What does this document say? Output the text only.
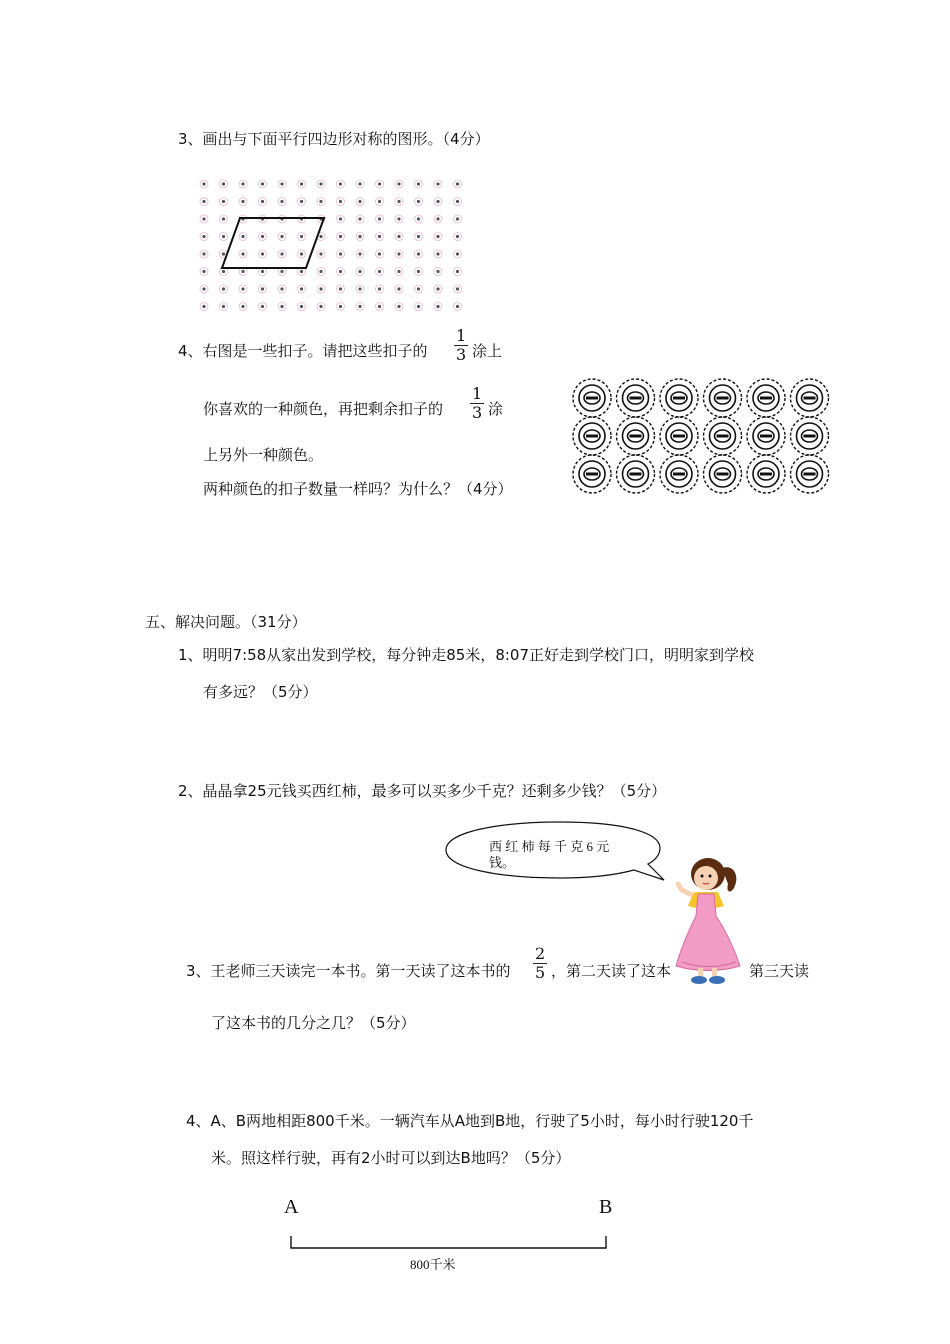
3、画出与下面平行四边形对称的图形。（4分）
4、右图是一些扣子。请把这些扣子的
1
3 涂上
你喜欢的一种颜色，再把剩余扣子的
1
3 涂
上另外一种颜色。
两种颜色的扣子数量一样吗？为什么？（4分）
五、解决问题。（31分）
1、明明7:58从家出发到学校，每分钟走85米，8:07正好走到学校门口，明明家到学校
有多远？（5分）
2、晶晶拿25元钱买西红柿，最多可以买多少千克？还剩多少钱？（5分）
西 红 柿 每 千 克 6 元
钱。
3、王老师三天读完一本书。第一天读了这本书的
2
5 ，第二天读了这本	第三天读
了这本书的几分之几？（5分）
4、A、B两地相距800千米。一辆汽车从A地到B地，行驶了5小时，每小时行驶120千
米。照这样行驶，再有2小时可以到达B地吗？（5分）
A	B
800千米
